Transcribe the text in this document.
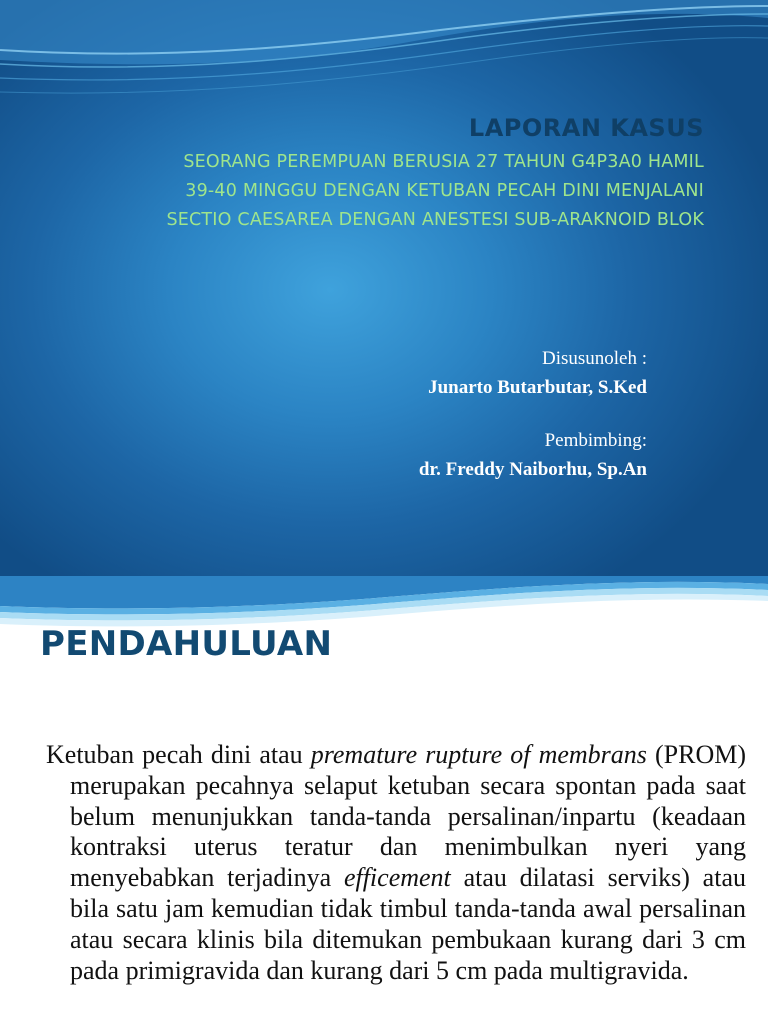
LAPORAN KASUS
SEORANG PEREMPUAN BERUSIA 27 TAHUN G4P3A0 HAMIL
39-40 MINGGU DENGAN KETUBAN PECAH DINI MENJALANI
SECTIO CAESAREA DENGAN ANESTESI SUB-ARAKNOID BLOK
Disusunoleh :
Junarto Butarbutar, S.Ked
Pembimbing:
dr. Freddy Naiborhu, Sp.An
PENDAHULUAN

Ketuban pecah dini atau premature rupture of membrans (PROM) merupakan pecahnya selaput ketuban secara spontan pada saat belum menunjukkan tanda-tanda persalinan/inpartu (keadaan kontraksi uterus teratur dan menimbulkan nyeri yang menyebabkan terjadinya efficement atau dilatasi serviks) atau bila satu jam kemudian tidak timbul tanda-tanda awal persalinan atau secara klinis bila ditemukan pembukaan kurang dari 3 cm pada primigravida dan kurang dari 5 cm pada multigravida.
